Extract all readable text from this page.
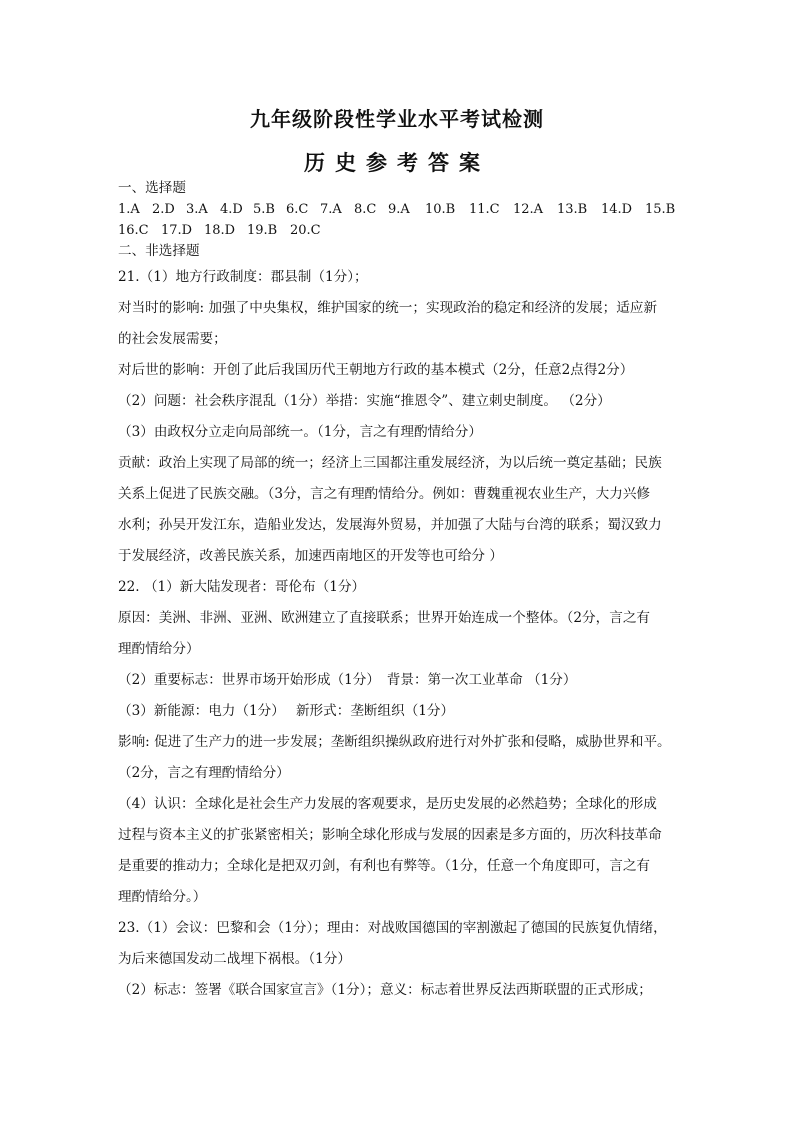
九年级阶段性学业水平考试检测
历史参考答案
一、选择题
1.A 2.D 3.A 4.D 5.B 6.C 7.A 8.C 9.A 10.B 11.C 12.A 13.B 14.D 15.B
16.C 17.D 18.D 19.B 20.C
二、非选择题
21.（1）地方行政制度：郡县制（1分）；
对当时的影响: 加强了中央集权，维护国家的统一；实现政治的稳定和经济的发展；适应新
的社会发展需要；
对后世的影响：开创了此后我国历代王朝地方行政的基本模式（2分，任意2点得2分）
（2）问题：社会秩序混乱（1分）举措：实施“推恩令”、建立刺史制度。 （2分）
（3）由政权分立走向局部统一。（1分，言之有理酌情给分）
贡献：政治上实现了局部的统一；经济上三国都注重发展经济，为以后统一奠定基础；民族
关系上促进了民族交融。（3分，言之有理酌情给分。例如：曹魏重视农业生产，大力兴修
水利；孙吴开发江东，造船业发达，发展海外贸易，并加强了大陆与台湾的联系；蜀汉致力
于发展经济，改善民族关系，加速西南地区的开发等也可给分 ）
22. （1）新大陆发现者：哥伦布（1分）
原因：美洲、非洲、亚洲、欧洲建立了直接联系；世界开始连成一个整体。（2分，言之有
理酌情给分）
（2）重要标志：世界市场开始形成（1分）　背景：第一次工业革命 （1分）
（3）新能源：电力（1分）　 新形式：垄断组织（1分）
影响: 促进了生产力的进一步发展；垄断组织操纵政府进行对外扩张和侵略，威胁世界和平。
（2分，言之有理酌情给分）
（4）认识：全球化是社会生产力发展的客观要求，是历史发展的必然趋势；全球化的形成
过程与资本主义的扩张紧密相关；影响全球化形成与发展的因素是多方面的，历次科技革命
是重要的推动力；全球化是把双刃剑，有利也有弊等。（1分，任意一个角度即可，言之有
理酌情给分。）
23.（1）会议：巴黎和会（1分）；理由：对战败国德国的宰割激起了德国的民族复仇情绪，
为后来德国发动二战埋下祸根。（1分）
（2）标志：签署《联合国家宣言》（1分）；意义：标志着世界反法西斯联盟的正式形成；
